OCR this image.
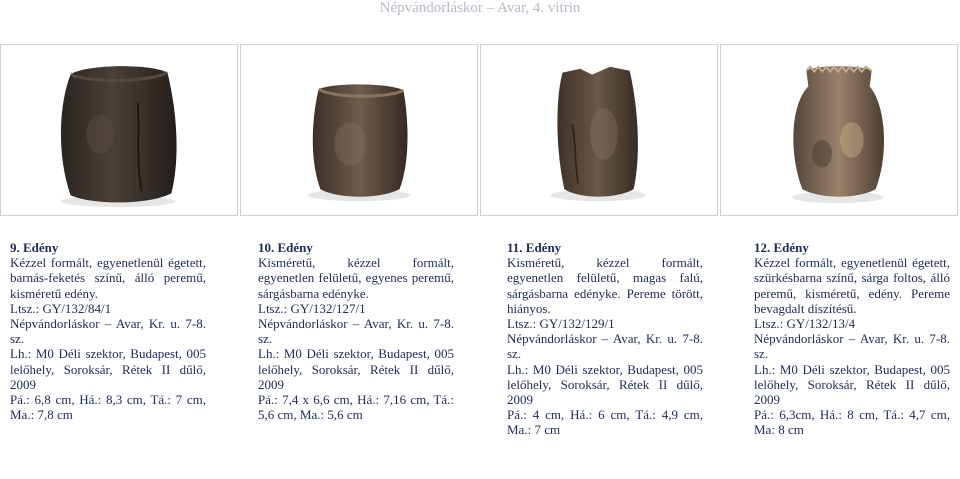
Népvándorláskor – Avar, 4. vitrin
9. Edény
Kézzel formált, egyenetlenül égetett, barnás-feketés színű, álló peremű, kisméretű edény.
Ltsz.: GY/132/84/1
Népvándorláskor – Avar, Kr. u. 7-8. sz.
Lh.: M0 Déli szektor, Budapest, 005 lelőhely, Soroksár, Rétek II dűlő, 2009
Pá.: 6,8 cm, Há.: 8,3 cm, Tá.: 7 cm, Ma.: 7,8 cm
10. Edény
Kisméretű, kézzel formált, egyenetlen felületű, egyenes peremű, sárgásbarna edényke.
Ltsz.: GY/132/127/1
Népvándorláskor – Avar, Kr. u. 7-8. sz.
Lh.: M0 Déli szektor, Budapest, 005 lelőhely, Soroksár, Rétek II dűlő, 2009
Pá.: 7,4 x 6,6 cm, Há.: 7,16 cm, Tá.: 5,6 cm, Ma.: 5,6 cm
11. Edény
Kisméretű, kézzel formált, egyenetlen felületű, magas falú, sárgásbarna edényke. Pereme törött, hiányos.
Ltsz.: GY/132/129/1
Népvándorláskor – Avar, Kr. u. 7-8. sz.
Lh.: M0 Déli szektor, Budapest, 005 lelőhely, Soroksár, Rétek II dűlő, 2009
Pá.: 4 cm, Há.: 6 cm, Tá.: 4,9 cm, Ma.: 7 cm
12. Edény
Kézzel formált, egyenetlenül égetett, szürkésbarna színű, sárga foltos, álló peremű, kisméretű, edény. Pereme bevagdalt díszítésű.
Ltsz.: GY/132/13/4
Népvándorláskor – Avar, Kr. u. 7-8. sz.
Lh.: M0 Déli szektor, Budapest, 005 lelőhely, Soroksár, Rétek II dűlő, 2009
Pá.: 6,3cm, Há.: 8 cm, Tá.: 4,7 cm, Ma: 8 cm
